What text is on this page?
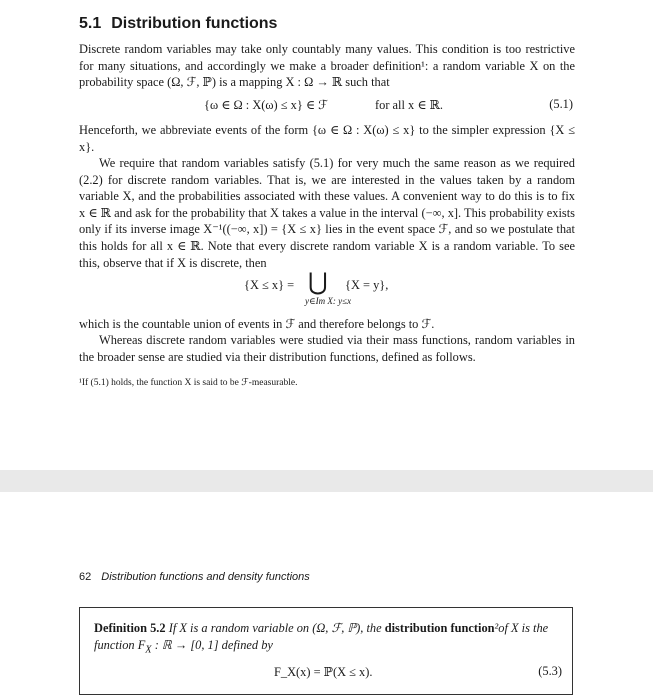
5.1 Distribution functions
Discrete random variables may take only countably many values. This condition is too restrictive for many situations, and accordingly we make a broader definition¹: a random variable X on the probability space (Ω, ℱ, ℙ) is a mapping X : Ω → ℝ such that
{ω ∈ Ω : X(ω) ≤ x} ∈ ℱ	for all x ∈ ℝ.	(5.1)
Henceforth, we abbreviate events of the form {ω ∈ Ω : X(ω) ≤ x} to the simpler expression {X ≤ x}.
We require that random variables satisfy (5.1) for very much the same reason as we required (2.2) for discrete random variables. That is, we are interested in the values taken by a random variable X, and the probabilities associated with these values. A convenient way to do this is to fix x ∈ ℝ and ask for the probability that X takes a value in the interval (−∞, x]. This probability exists only if its inverse image X⁻¹((−∞, x]) = {X ≤ x} lies in the event space ℱ, and so we postulate that this holds for all x ∈ ℝ. Note that every discrete random variable X is a random variable. To see this, observe that if X is discrete, then
{X ≤ x} = ⋃
y∈Im X: y≤x
{X = y},
which is the countable union of events in ℱ and therefore belongs to ℱ.
Whereas discrete random variables were studied via their mass functions, random variables in the broader sense are studied via their distribution functions, defined as follows.
¹If (5.1) holds, the function X is said to be ℱ-measurable.
62 Distribution functions and density functions
Definition 5.2 If X is a random variable on (Ω, ℱ, ℙ), the distribution function²of X is the function $F_X$ : ℝ → [0, 1] defined by
F_X(x) = ℙ(X ≤ x).	(5.3)
